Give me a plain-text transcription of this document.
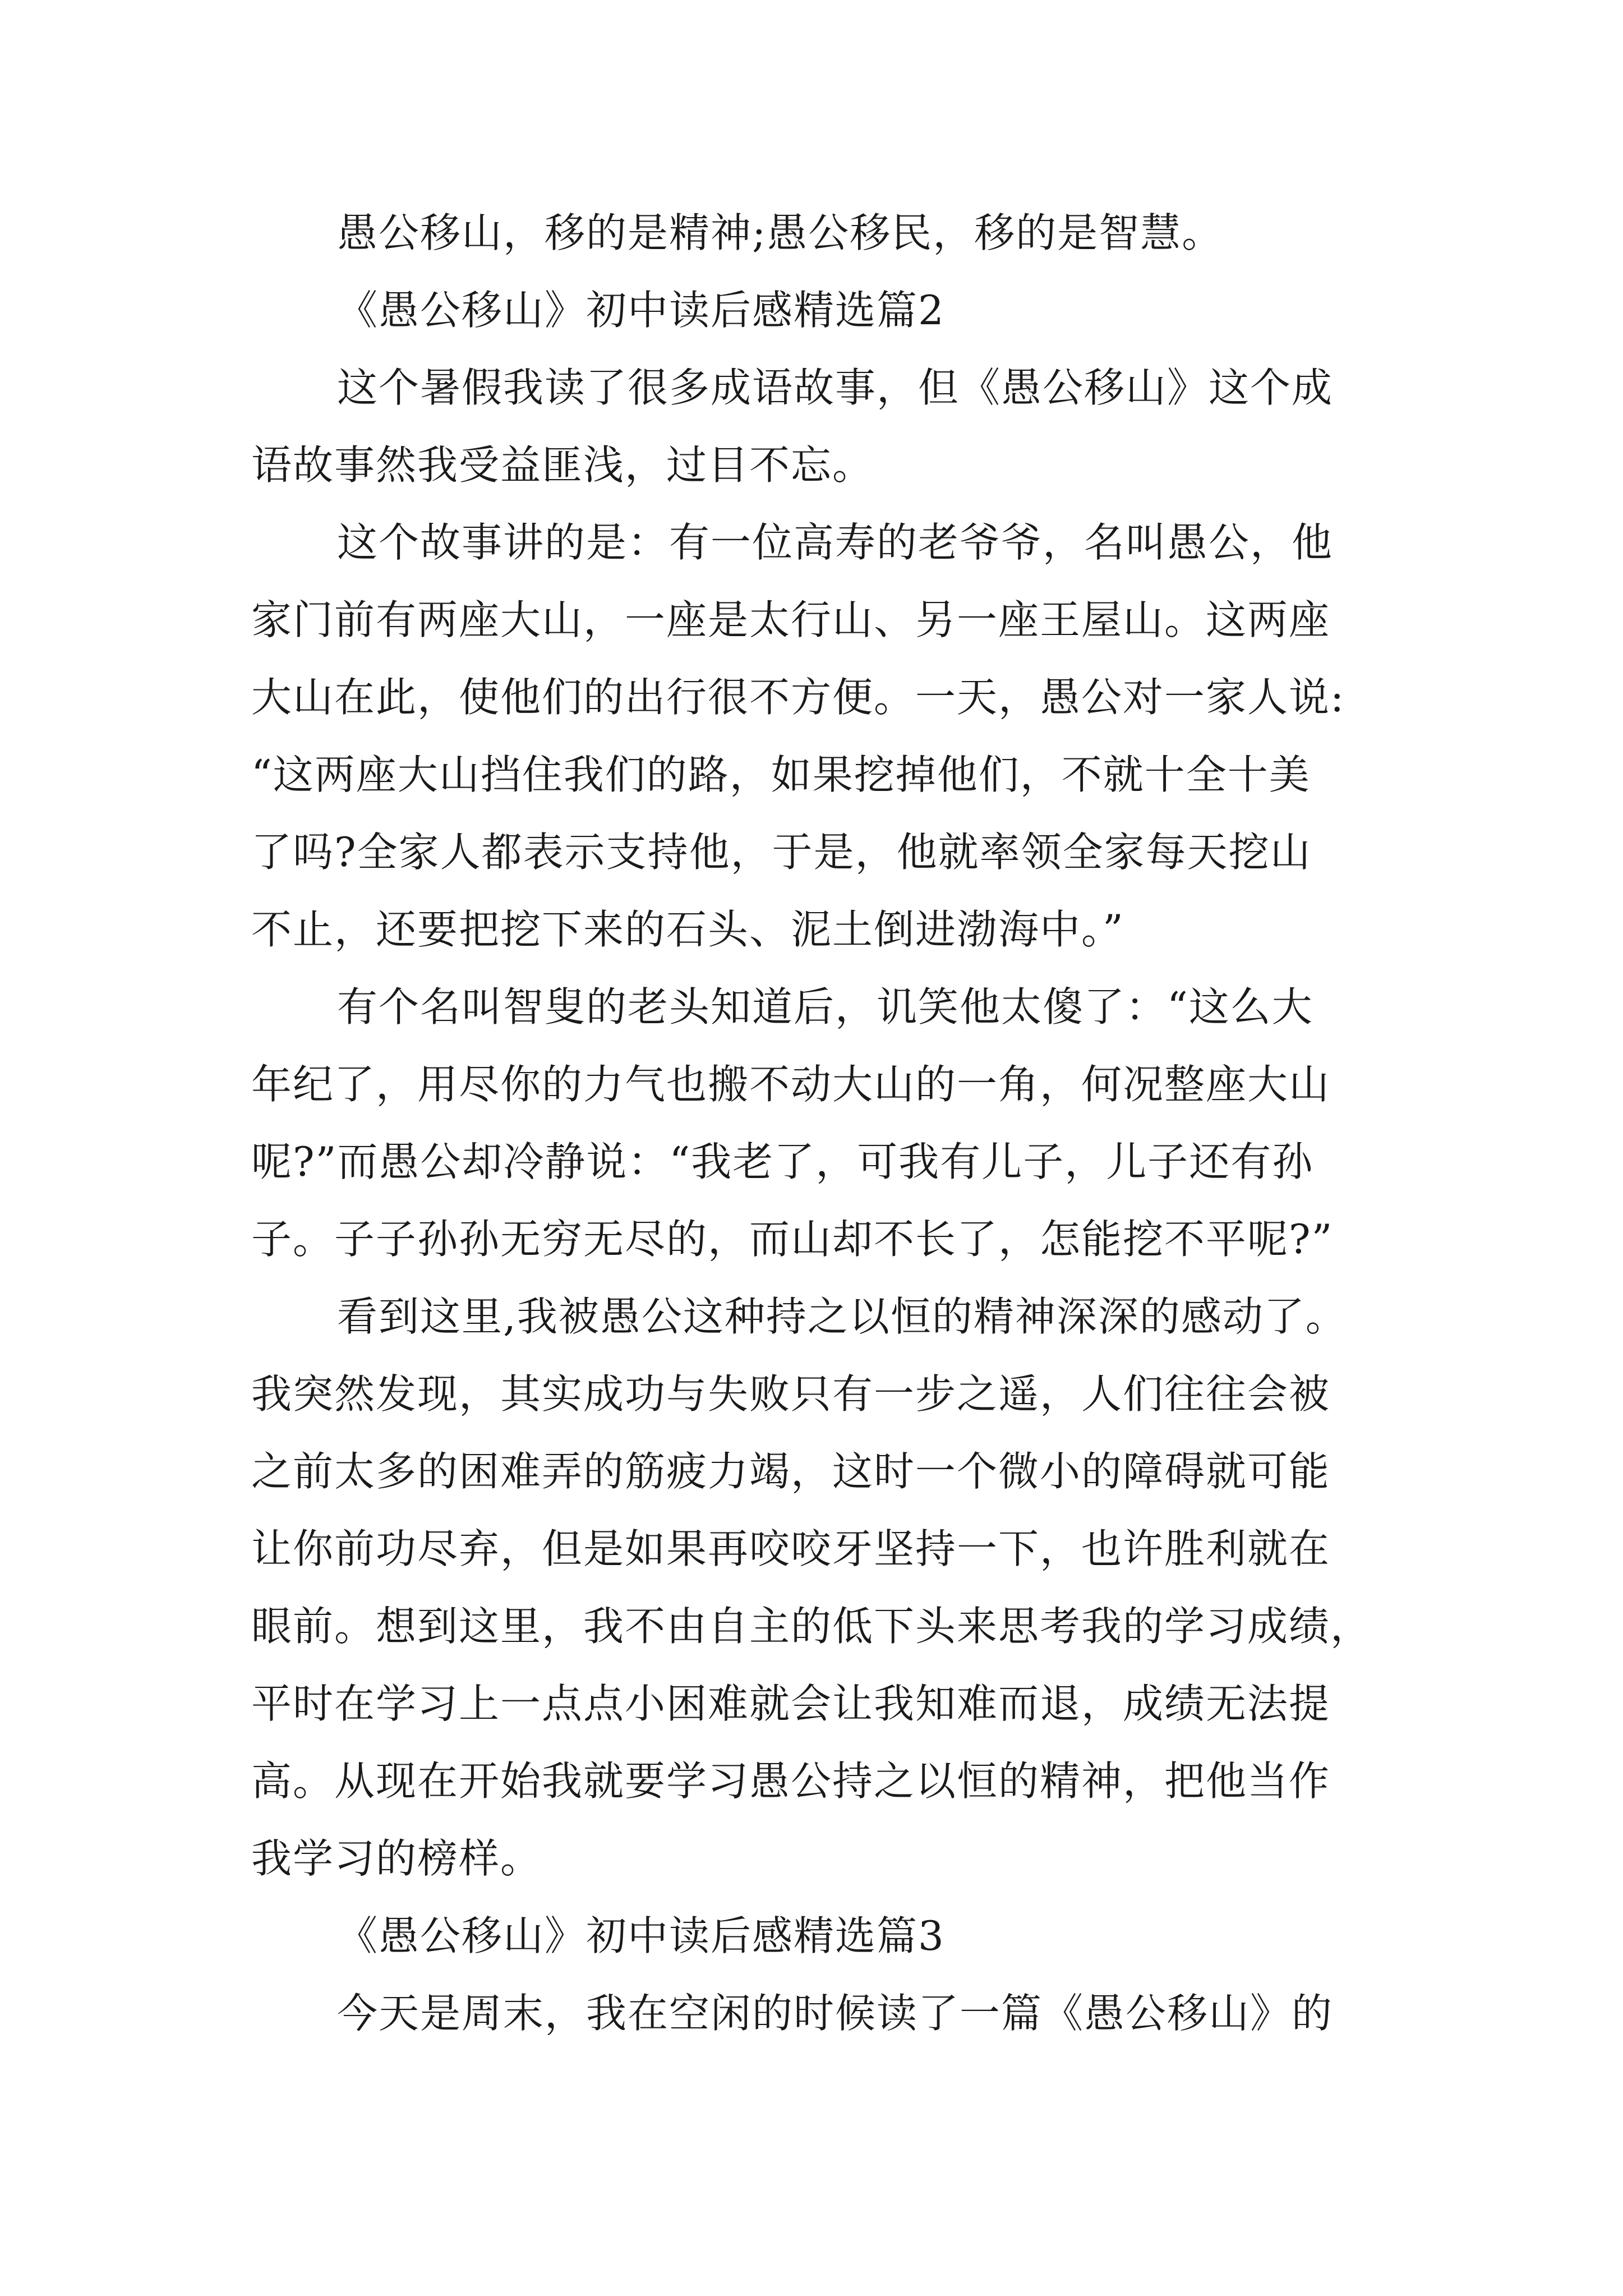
愚公移山，移的是精神;愚公移民，移的是智慧。
《愚公移山》初中读后感精选篇2
这个暑假我读了很多成语故事，但《愚公移山》这个成
语故事然我受益匪浅，过目不忘。
这个故事讲的是：有一位高寿的老爷爷，名叫愚公，他
家门前有两座大山，一座是太行山、另一座王屋山。这两座
大山在此，使他们的出行很不方便。一天，愚公对一家人说:
“这两座大山挡住我们的路，如果挖掉他们，不就十全十美
了吗?全家人都表示支持他，于是，他就率领全家每天挖山
不止，还要把挖下来的石头、泥土倒进渤海中。”
有个名叫智叟的老头知道后，讥笑他太傻了：“这么大
年纪了，用尽你的力气也搬不动大山的一角，何况整座大山
呢?”而愚公却冷静说：“我老了，可我有儿子，儿子还有孙
子。子子孙孙无穷无尽的，而山却不长了，怎能挖不平呢?”
看到这里,我被愚公这种持之以恒的精神深深的感动了。
我突然发现，其实成功与失败只有一步之遥，人们往往会被
之前太多的困难弄的筋疲力竭，这时一个微小的障碍就可能
让你前功尽弃，但是如果再咬咬牙坚持一下，也许胜利就在
眼前。想到这里，我不由自主的低下头来思考我的学习成绩，
平时在学习上一点点小困难就会让我知难而退，成绩无法提
高。从现在开始我就要学习愚公持之以恒的精神，把他当作
我学习的榜样。
《愚公移山》初中读后感精选篇3
今天是周末，我在空闲的时候读了一篇《愚公移山》的
